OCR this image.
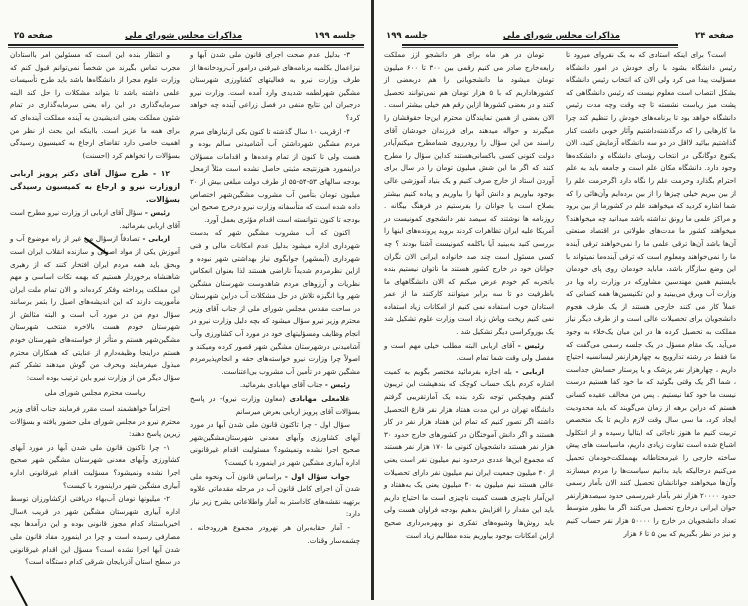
جلسه ۱۹۹
مذاکرات مجلس شورای ملی
صفحه ۲۵

و انتظار بنده این است که مسئولین امر بااستادان مجرب تماس بگیرند من شخصاً نمی‌توانم قبول کنم که وزارت علوم مجرا از دانشگاه‌ها باشد باید طرح تأسیسات علمی داشته باشد تا بتواند مشکلات را حل کند البته سرمایه‌گذاری در این راه یعنی سرمایه‌گذاری در تمام شئون مملکت یعنی اندیشیدن به آینده مملکت آینده‌ای که برای همه ما عزیز است. بااینکه این بحث از نظر من اهمیت خاصی دارد تقاضای ارجاع به کمیسیون رسیدگی بسؤالات را تخواهم کرد (احسنت)

۱۲ - طرح سؤال آقای دکتر پرویز اربابی ازوزارت نیرو و ارجاع به کمیسیون رسیدگی بسؤالات.

رئیس - سؤال آقای اربابی از وزارت نیرو مطرح است آقای اربابی بفرمائید.

اربابی - تصادفاً ازسؤال من غیر از راه موضوع آب و آموزش یکی از مواد اصولی و سازنده انقلاب ایران است وبحق باید همه مردم ایران افتخار کنند که از رهبری شاهنشاه برخوردار هستیم که بهمه نکات اساسی و مهم این مملکت پرداخته وفکر کرده‌اند و الان تمام ملت ایران مأموریت دارند که این اندیشه‌های اصیل را بثمر برسانند سؤال دوم من در مورد آب است و البته مثالش از شهرستان خودم هست بالاخره منتخب شهرستان مشگین‌شهر هستم و متأثر از خواسته‌های شهرستان خودم هستم دراینجا وظیفه‌دارم از عنایتی که همکاران محترم مبذول میفرمایند وبحرف من گوش میدهند تشکر کنم سؤال دیگر من از وزارت نیرو باین ترتیب بوده است:

ریاست محترم مجلس شورای ملی

احتراماً خواهشمند است مقرر فرمایند جناب آقای وزیر محترم نیرو در مجلس شورای ملی حضور یافته و بسؤالات زیرین پاسخ دهند:

۱- چرا تاکنون قانون ملی شدن آبها در مورد آبهای کشاورزی وآبهای معدنی شهرستان مشگین شهر صحیح اجرا نشده ونمیشود؟ مسؤلیت اقدام غیرقانونی اداره آبیاری مشگین شهر دراینمورد با کیست؟

۲- میلیونها تومان آب‌بهاء دریافتی ازکشاورزان توسط اداره آبیاری شهرستان مشگین شهر در قریب ۸سال اخیرباستناد کدام مجوز قانونی بوده و این درآمدها بچه مصارفی رسیده است و چرا در اینمورد مفاد قانون ملی شدن آبها اجرا نشده است؟ مسؤل این اقدام غیرقانونی در سطح استان آذربایجان شرقی کدام دستگاه است؟

۳- بدلیل عدم صحت اجرای قانون ملی شدن آبها و نیزاعمال بکلمبه برنامه‌های غیرفنی درامور آب‌رودخانه‌ها از طرف وزارت نیرو به فعالیتهای کشاورزی شهرستان مشگین شهرلطمه شدیدی وارد آمده است. وزارت نیرو درجبران این نتایج منفی در فصل زراعی آینده چه خواهد کرد؟

۴- ازقریب ۱۰ سال گذشته تا کنون یکی ازنیازهای مبرم مردم مشگین شهرداشتن آب آشامیدنی سالم بوده و هست ولی تا کنون از تمام وعده‌ها و اقدامات مسؤلان دراینمورد هنوزنتیجه مثبتی حاصل نشده است مثلاً ازمحل بودجه سالهای ۵۳-۵۴-۵۵ از طرف دولت مبلغی بیش از ۲۰ میلیون تومان بتأمین آب مشروب مشگین‌شهر اختصاص داده شده است که متأسفانه وزارت نیرو درخرج صحیح این بودجه تا کنون نتوانسته است اقدام مؤثری بعمل آورد.

اکنون که آب مشروب مشگین شهر که بدست شهرداری اداره میشود بدلیل عدم امکانات مالی و فنی شهرداری (آبمشهر) جوابگوی نیاز بهداشتی شهر نبوده و ازاین نظرمردم شدیداً ناراضی هستند لذا بعنوان انعکاس نظریات و آرزوهای مردم شاهدوست شهرستان مشگین شهر وبا انگیزه تلاش در حل مشکلات آب دراین شهرستان در ساحت مقدس مجلس شورای ملی از جناب آقای وزیر محترم وزیر نیرو سؤال میشود که بچه دلیل وزارت نیرو در انجام وظایف ومسؤلیتهای خود در مورد آب کشاورزی وآب آشامیدنی درشهرستان مشگین شهر قصور کرده ومیکند و اصولاً چرا وزارت نیرو خواسته‌های حقه و انجام‌پذیرمردم مشگین شهر در تأمین آب مشروب بی‌اعتناست.

رئیس - جناب آقای مهابادی بفرمائید.

غلامعلی مهابادی (معاون وزارت نیرو)- در پاسخ بسؤالات آقای پرویز اربابی بعرض میرسانم

سؤال اول - چرا تاکنون قانون ملی شدن آبها در مورد آبهای کشاورزی وآبهای معدنی شهرستان‌مشگین‌شهر صحیح اجرا نشده ونمیشود؟ مسئولیت اقدام غیرقانونی اداره آبیاری مشگین شهر در اینمورد با کیست؟

جواب سؤال اول - براساس قانون آب ونحوه ملی شدن آن اجرای کامل قانون آب در مرحله مقدماتی علاوه برتهیه نقشه‌های کاداستر به آمار واطلاعاتی بشرح زیر نیاز دارد:

- آمار حقابه‌بران هر نهرودر مجموع هررودخانه ، چشمه‌سار وقنات.

صفحه ۲۴
مذاکرات مجلس شورای ملی
جلسه ۱۹۹

است؟ برای اینکه استادی که به یک نفروای میرود تا رئیس دانشگاه بشود با رأی خودش در امور دانشگاه مسؤلیت پیدا می کرد ولی الان که انتخاب رئیس دانشگاه بشکل انتصاب است معلوم نیست که رئیس دانشگاهی که پشت میز ریاست نشسته تا چه وقت وچه مدت رئیس دانشگاه خواهد بود تا برنامه‌های خودش را تنظیم کند چرا ما کارهایی را که درگذشته‌داشتیم وآثار خوبی داشت کنار گذاشتیم بیائید لااقل در دو سه دانشگاه آزمایش کنید، الان یکنوع دوگانگی در انتخاب رؤسای دانشگاه و دانشکده‌ها وجود دارد. دانشگاه مکان علم است و جامعه باید به علم احترام بگذارد وحرمت علم را نگاه دارد اگرحرمت علم را از بین ببریم خیلی چیزها را از بین برده‌ایم وآن‌هائی را که شما اشاره کردید که میخواهند علم در کشورما از بین برود و مراکز علمی ما رونق نداشته باشد میدانید چه میخواهند؟ میخواهند کشور ما مدت‌های طولانی در اقتصاد صنعتی آن‌ها باشد آن‌ها ترقی علمی ما را نمی‌خواهند ترقی آینده ما را نمی‌خواهند ومعلوم است که ترقی آینده‌ما نمیتواند با این وضع سازگار باشد، ماباید خودمان روی پای خودمان بایستیم همین مهندسین مشاورکه در وزارت راه ویا در وزارت آب وبرق می‌بینید و این تکنیسین‌ها همه کسانی که عملاً کار می کنند خارجی هستند از یک طرف هجوم دانشجویان برای تحصیلات عالی است و از طرف دیگر نیاز مملکت به تحصیل کرده ها در این میان یک‌خلاء به وجود می‌آید. یک مقام مسؤل در یک جلسه رسمی می‌گفت که ما فقط در رشته تدارویج به چهارهزارنفر لیسانسیه احتیاج داریم ، چهارهزار نفر پزشک و یا پرستار حسابش جداست ، شما اگر یک وقتی بگوئید که ما خود کفا هستیم درست نیست ما خود کفا نیستیم . پس من مخالف عقیده کسانی هستم که دراین برهه از زمان می‌گویند که باید محدودیت ایجاد کرد، ما سی سال وقت لازم داریم تا یک متخصص تربیت کنیم ما هنوز ناجائی که ایتالیا رسیده و از انتکلول اشباع شده است تفاوت زیادی داریم، ماسیاست های پیش ساخته خارجی را غیرمحتاطانه بهمملکت‌خودمان تحمیل می‌کنیم درحالیکه باید بدانیم سیاست‌ها را مردم میسازند وآن‌ها میخواهند جوانانشان تحصیل کنند الان بآمار رسمی حدود ۲۰۰۰۰ هزار نفر بآمار غیررسمی حدود سیصدهزارنفر جوان ایرانی درخارج تحصیل می‌کنند اگر ما بطور متوسط تعداد دانشجویان در خارج را ۵۰۰۰۰ هزار نفر حساب کنیم و نیز در نظر بگیریم که بین ۵ تا ۶ هزار

تومان در هر ماه برای هر دانشجو ازز مملکت رابعه‌خارج صادر می کنیم رقمی بین ۳۰۰ تا ۶۰۰ میلیون تومان میشود ما دانشجویانی را هم دربعضی از کشورهاداریم که با ۵ هزار تومان هم نمی‌توانند تحصیل کنند و در بعضی کشورها ازاین رقم هم خیلی بیشتر است . الان بعضی از همین نمایندگان محترم این‌جا حقوقشان را میگیرند و حواله میدهند برای فرزندان خودشان آقای راسند من این سؤال را رودرروی شمامطرح میکنم‌آیادر دولت کنونی کسی باکسانی‌هستند کداین سؤال را مطرح کنند که اگر ما این شش میلیون تومان را در سال برای آوردن استاد از خارج صرف کنیم و یک بنیاد آموزشی عالی بوجود بیاوریم و دانش آنها را بیاوریم و پیاده کنیم بیشتر بصلاح است یا جوانان را بفرستیم در فرهنگ بیگانه . روزنامه ها نوشتند که سیصد نفر دانشجوی کمونیست در آمریکا علیه ایران تظاهرات کردند بروید پرونده‌های اینها را بررسی کنید به‌بینید آیا باکلمه کمونیست آشنا بودند ؟ چه کسی مسئول است چند صد خانواده ایرانی الان نگران جوانان خود در خارج کشور هستند ما ناتوان نیستیم بنده باتجربه کم خودم عرض میکنم که الان دانشگاههای ما باظرفیت دو تا سه برابر میتوانند کارکنند ما از عمر استادان خوب استفاده نمی کنیم از امکانات زیاد استفاده نمی کنیم ریخت وپاش زیاد است وزارت علوم تشکیل شد یک بوروکراسی دیگر تشکیل شد .

رئیس - آقای اربابی البته مطلب خیلی مهم است و مفصل ولی وقت شما تمام است.

اربابی - بله اجازه بفرمائید مختصر بگویم به کمیت اشاره کردم بایک حساب کوچک که بندهپشت این تریبون گفتم وهیچکس توجه نکرد بنده یک آمارتقریبی گرفتم دانشگاه تهران در این مدت هفتاد هزار نفر فارغ التحصیل داشته اگر تصور کنیم که تمام این هفتاد هزار نفر در کار هستند و اگر دانش آموختگان در کشورهای خارج حدود ۳۰ هزار نفر هستند دانشجویان کنونی ما ۱۷۰ هزار نفر هستند که مجموع این‌ها عددی درحدود نیم میلیون نفر است یعنی از ۳۰ میلیون جمعیت ایران نیم میلیون نفر دارای تحصیلات عالی هستند نیم میلیون به ۳۰ میلیون یعنی یک به‌هفتاد و این‌آمار ناچیزی هست کمیت ناچیزی است ما احتیاج داریم باید این مقدار را افزایش بدهیم بودجه فراوان هست ولی باید روش‌ها وشیوه‌های تفکری نو وبهره‌برداری صحیح ازاین امکانات بوجود بیاوریم بنده مطالبم زیاد است
